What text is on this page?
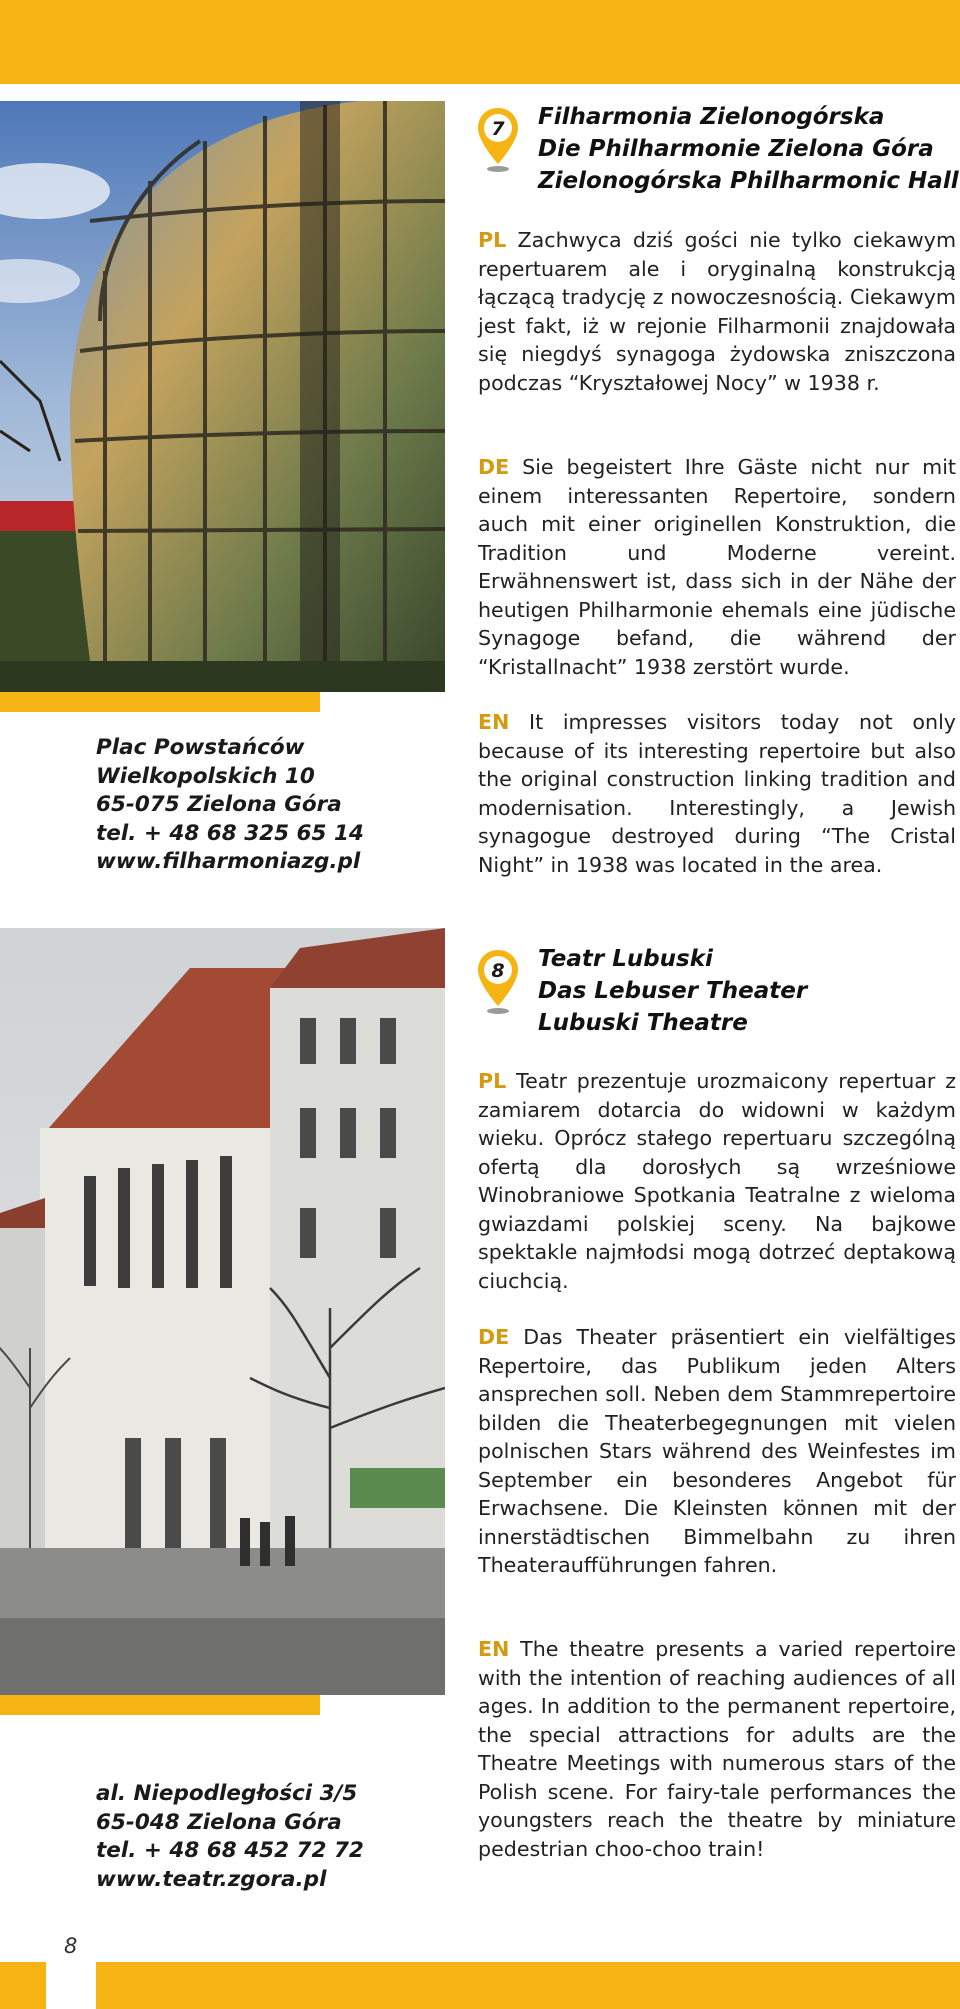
Plac Powstańców
Wielkopolskich 10
65-075 Zielona Góra
tel. + 48 68 325 65 14
www.filharmoniazg.pl
7	Filharmonia Zielonogórska
Die Philharmonie Zielona Góra
Zielonogórska Philharmonic Hall

PL Zachwyca dziś gości nie tylko ciekawym repertuarem ale i oryginalną konstrukcją łączącą tradycję z nowoczesnością. Ciekawym jest fakt, iż w rejonie Filharmonii znajdowała się niegdyś synagoga żydowska zniszczona podczas “Kryształowej Nocy” w 1938 r.

DE Sie begeistert Ihre Gäste nicht nur mit einem interessanten Repertoire, sondern auch mit einer originellen Konstruktion, die Tradition und Moderne vereint. Erwähnenswert ist, dass sich in der Nähe der heutigen Philharmonie ehemals eine jüdische Synagoge befand, die während der “Kristallnacht” 1938 zerstört wurde.

EN It impresses visitors today not only because of its interesting repertoire but also the original construction linking tradition and modernisation. Interestingly, a Jewish synagogue destroyed during “The Cristal Night” in 1938 was located in the area.

al. Niepodległości 3/5
65-048 Zielona Góra
tel. + 48 68 452 72 72
www.teatr.zgora.pl
8	Teatr Lubuski
Das Lebuser Theater
Lubuski Theatre

PL Teatr prezentuje urozmaicony repertuar z zamiarem dotarcia do widowni w każdym wieku. Oprócz stałego repertuaru szczególną ofertą dla dorosłych są wrześniowe Winobraniowe Spotkania Teatralne z wieloma gwiazdami polskiej sceny. Na bajkowe spektakle najmłodsi mogą dotrzeć deptakową ciuchcią.

DE Das Theater präsentiert ein vielfältiges Repertoire, das Publikum jeden Alters ansprechen soll. Neben dem Stammrepertoire bilden die Theaterbegegnungen mit vielen polnischen Stars während des Weinfestes im September ein besonderes Angebot für Erwachsene. Die Kleinsten können mit der innerstädtischen Bimmelbahn zu ihren Theateraufführungen fahren.

EN The theatre presents a varied repertoire with the intention of reaching audiences of all ages. In addition to the permanent repertoire, the special attractions for adults are the Theatre Meetings with numerous stars of the Polish scene. For fairy-tale performances the youngsters reach the theatre by miniature pedestrian choo-choo train!

8
